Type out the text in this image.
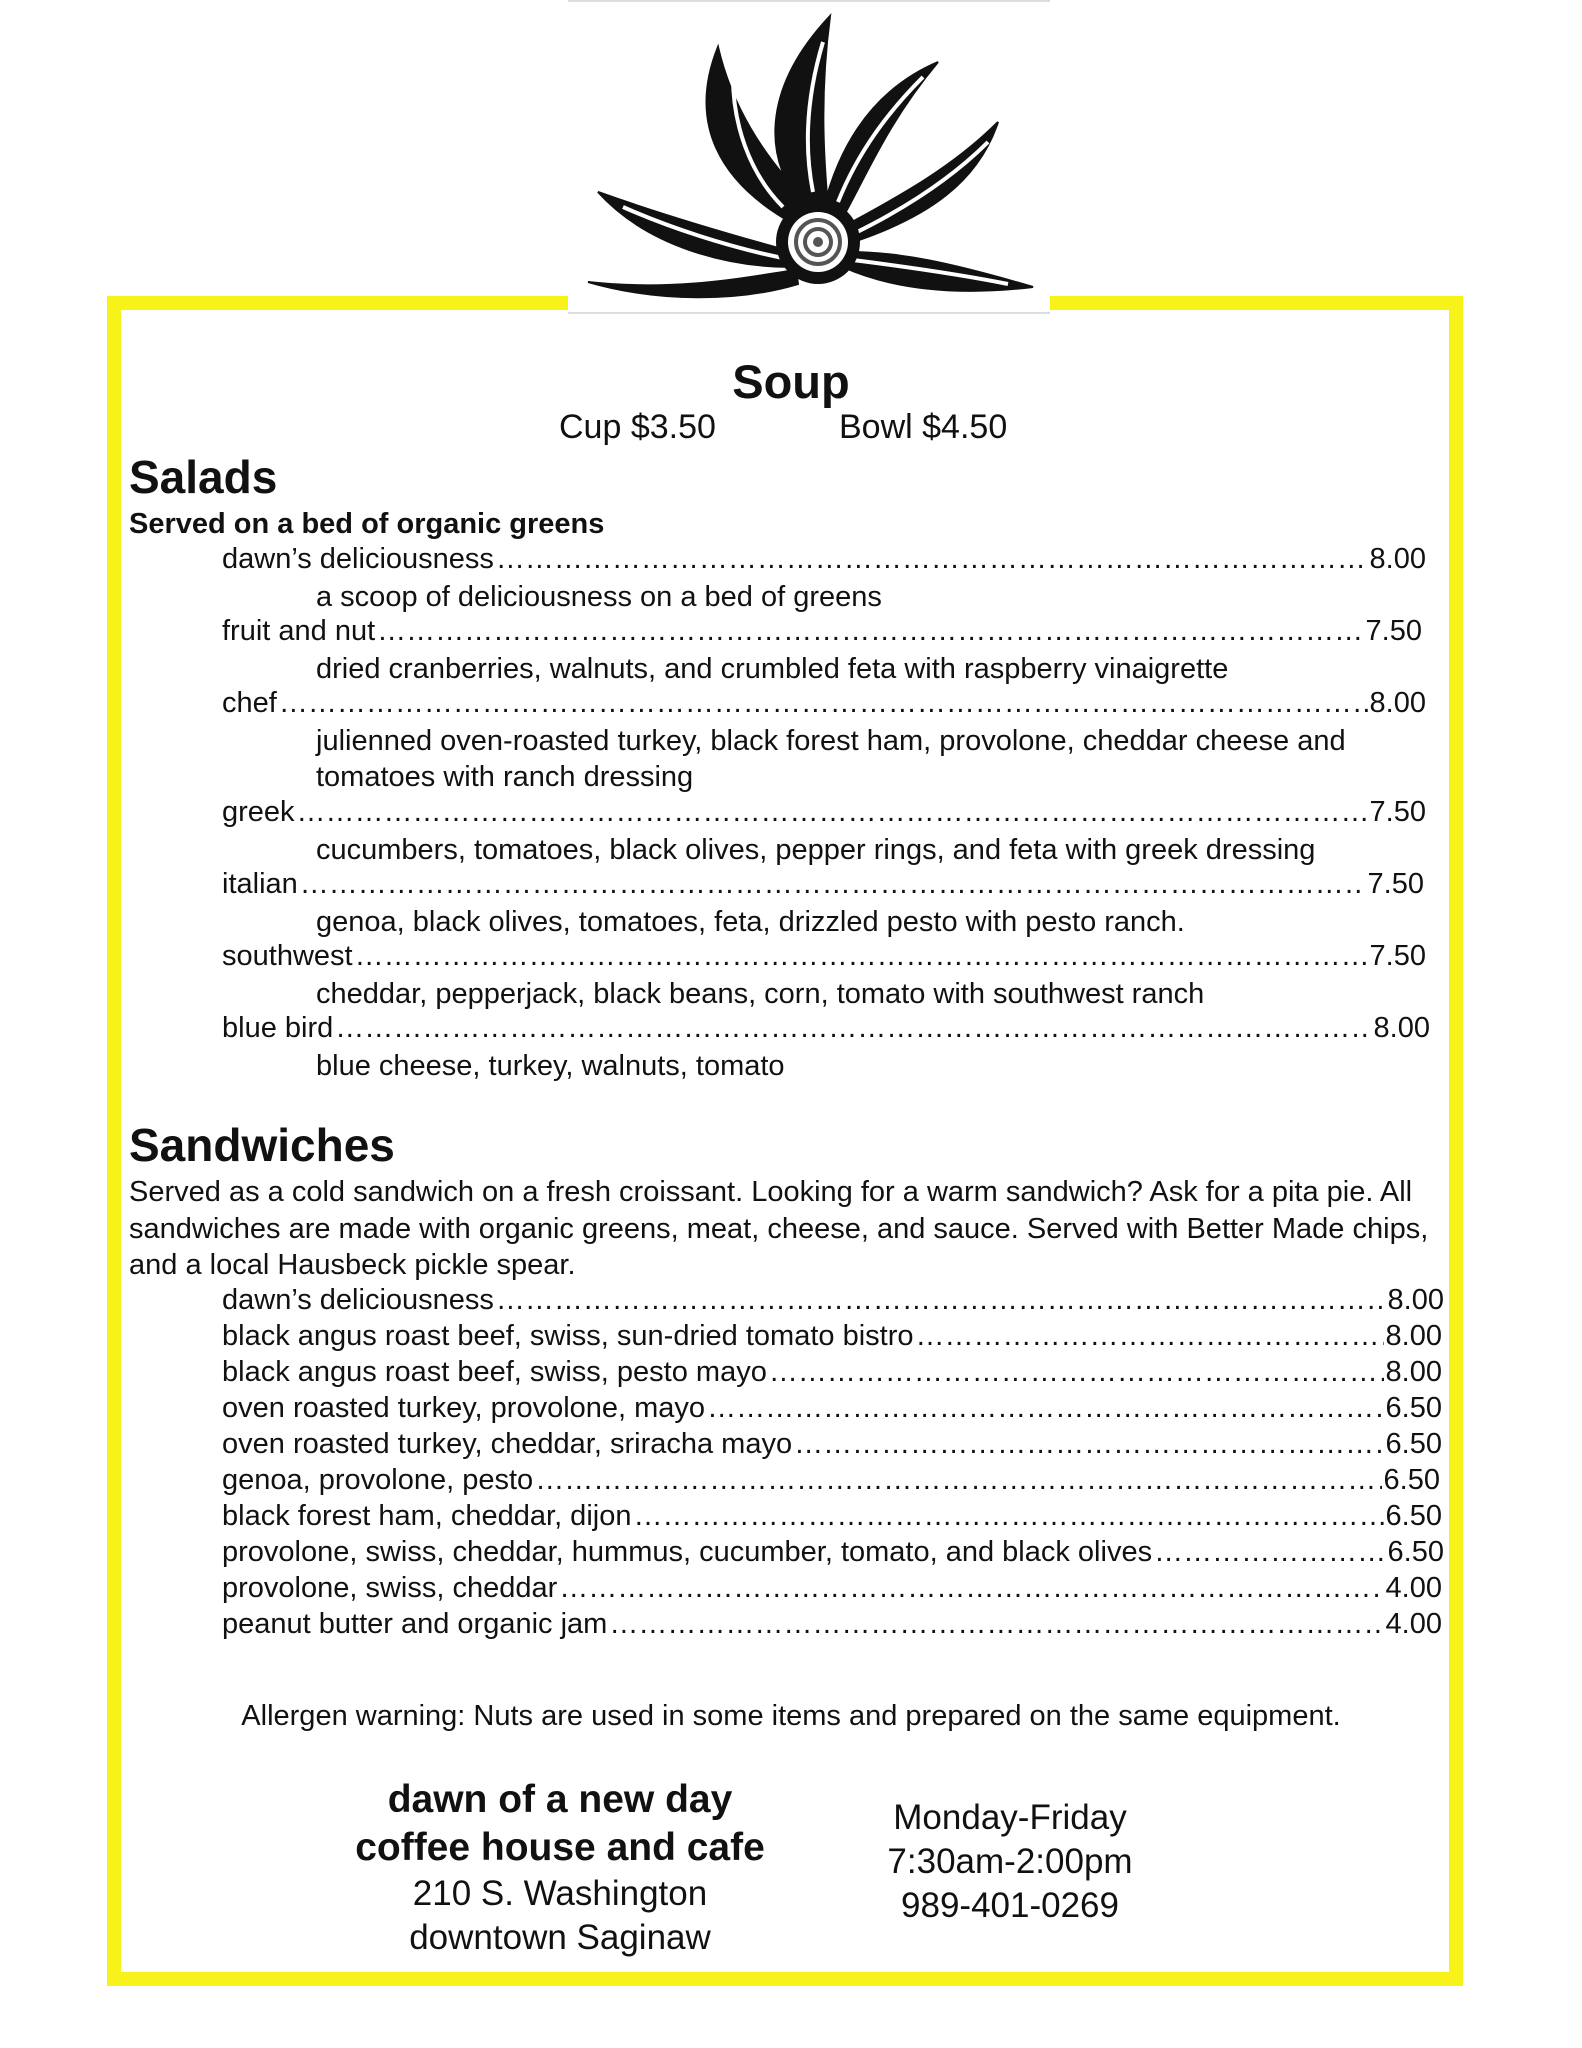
Soup
Cup $3.50	Bowl $4.50
Salads
Served on a bed of organic greens
dawn’s deliciousness ………………………………………………………………………………………………………………………………………………	8.00
a scoop of deliciousness on a bed of greens
fruit and nut ………………………………………………………………………………………………………………………………………………	7.50
dried cranberries, walnuts, and crumbled feta with raspberry vinaigrette
chef ………………………………………………………………………………………………………………………………………………	8.00
julienned oven-roasted turkey, black forest ham, provolone, cheddar cheese and
tomatoes with ranch dressing
greek ………………………………………………………………………………………………………………………………………………	7.50
cucumbers, tomatoes, black olives, pepper rings, and feta with greek dressing
italian ………………………………………………………………………………………………………………………………………………	7.50
genoa, black olives, tomatoes, feta, drizzled pesto with pesto ranch.
southwest ………………………………………………………………………………………………………………………………………………	7.50
cheddar, pepperjack, black beans, corn, tomato with southwest ranch
blue bird ………………………………………………………………………………………………………………………………………………	8.00
blue cheese, turkey, walnuts, tomato
Sandwiches
Served as a cold sandwich on a fresh croissant. Looking for a warm sandwich? Ask for a pita pie. All sandwiches are made with organic greens, meat, cheese, and sauce. Served with Better Made chips, and a local Hausbeck pickle spear.
dawn’s deliciousness ………………………………………………………………………………………………………………………………………………	8.00
black angus roast beef, swiss, sun-dried tomato bistro ………………………………………………………………………………………………………………………………………………	8.00
black angus roast beef, swiss, pesto mayo ………………………………………………………………………………………………………………………………………………	8.00
oven roasted turkey, provolone, mayo ………………………………………………………………………………………………………………………………………………	6.50
oven roasted turkey, cheddar, sriracha mayo ………………………………………………………………………………………………………………………………………………	6.50
genoa, provolone, pesto ………………………………………………………………………………………………………………………………………………	6.50
black forest ham, cheddar, dijon ………………………………………………………………………………………………………………………………………………	6.50
provolone, swiss, cheddar, hummus, cucumber, tomato, and black olives ………………………………………………………………………………………………………………………………………………	6.50
provolone, swiss, cheddar ………………………………………………………………………………………………………………………………………………	4.00
peanut butter and organic jam ………………………………………………………………………………………………………………………………………………	4.00
Allergen warning: Nuts are used in some items and prepared on the same equipment.
dawn of a new day
coffee house and cafe
210 S. Washington
downtown Saginaw
Monday-Friday
7:30am-2:00pm
989-401-0269
